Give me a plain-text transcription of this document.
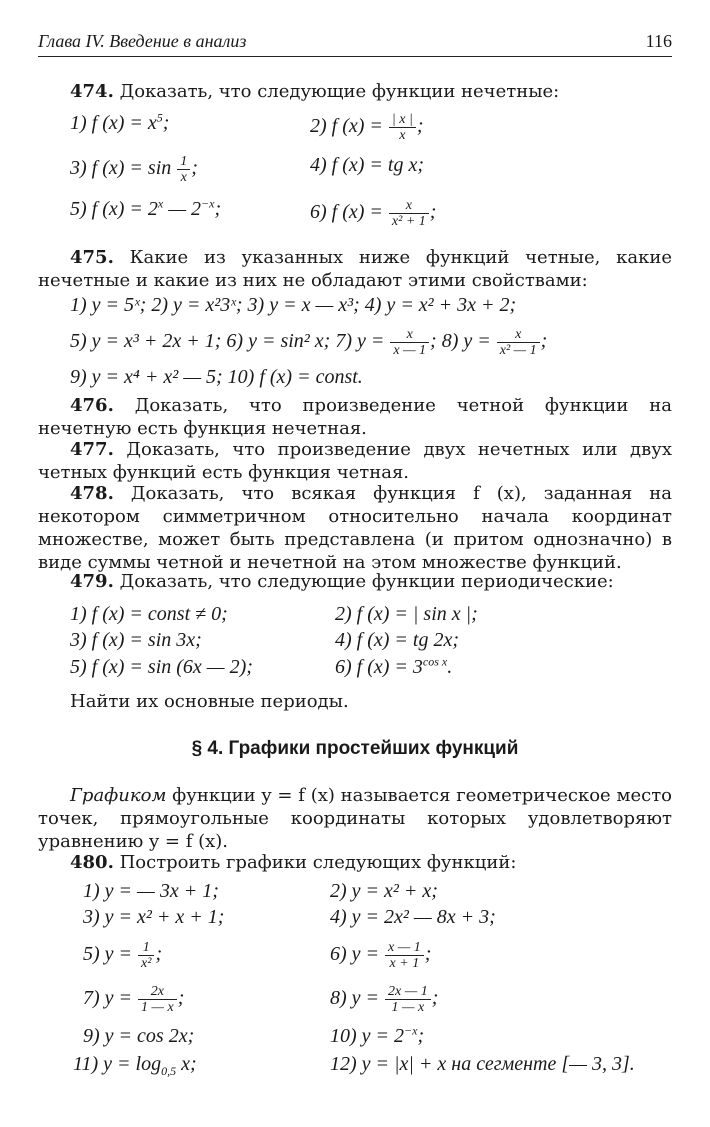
Глава IV. Введение в анализ	116

474. Доказать, что следующие функции нечетные:

1) f $(x) = x^5$;	2) f $(x) = \frac{| x |}{x}$ ;
3) f $(x) = \sin \frac{1}{x}$ ;	4) f (x) = tg x;
5) f $(x) = 2^x$ — $2^{-x}$;	6) f $(x) = \frac{x}{\text{x² + 1}}$ ;

475. Какие из указанных ниже функций четные, какие нечетные и какие из них не обладают этими свойствами:

1) y = 5ˣ; 2) y = x²3ˣ; 3) y = x — x³; 4) y = x² + 3x + 2;
5) y = x³ + 2x + 1; 6) y = sin² x; 7) $y = \frac{x}{x — 1}$ ; 8) $y = \frac{x}{\text{x² — 1}}$ ;
9) y = x⁴ + x² — 5; 10) f (x) = const.

476. Доказать, что произведение четной функции на нечетную есть функция нечетная.

477. Доказать, что произведение двух нечетных или двух четных функций есть функция четная.

478. Доказать, что всякая функция f (x), заданная на некотором симметричном относительно начала координат множестве, может быть представлена (и притом однозначно) в виде суммы четной и нечетной на этом множестве функций.

479. Доказать, что следующие функции периодические:

1) f (x) = const ≠ 0;	2) f (x) = | sin x |;
3) f (x) = sin 3x;	4) f (x) = tg 2x;
5) f (x) = sin (6x — 2);	6) f $(x) = 3^{cos x}$.
Найти их основные периоды.
§ 4. Графики простейших функций

Графиком функции y = f (x) называется геометрическое место точек, прямоугольные координаты которых удовлетворяют уравнению y = f (x).

480. Построить графики следующих функций:

1) y = — 3x + 1;	2) y = x² + x;
3) y = x² + x + 1;	4) y = 2x² — 8x + 3;
5) $y = \frac{1}{\text{x²}}$ ;	6) $y = \frac{x — 1}{x + 1}$ ;
7) $y = \frac{2x}{1 — x}$ ;	8) $y = \frac{2x — 1}{1 — x}$ ;
9) y = cos 2x;	10) $y = 2^{-x}$;
11) $y = \log_{0,5} x$;	12) y = |x| + x на сегменте [— 3, 3].
